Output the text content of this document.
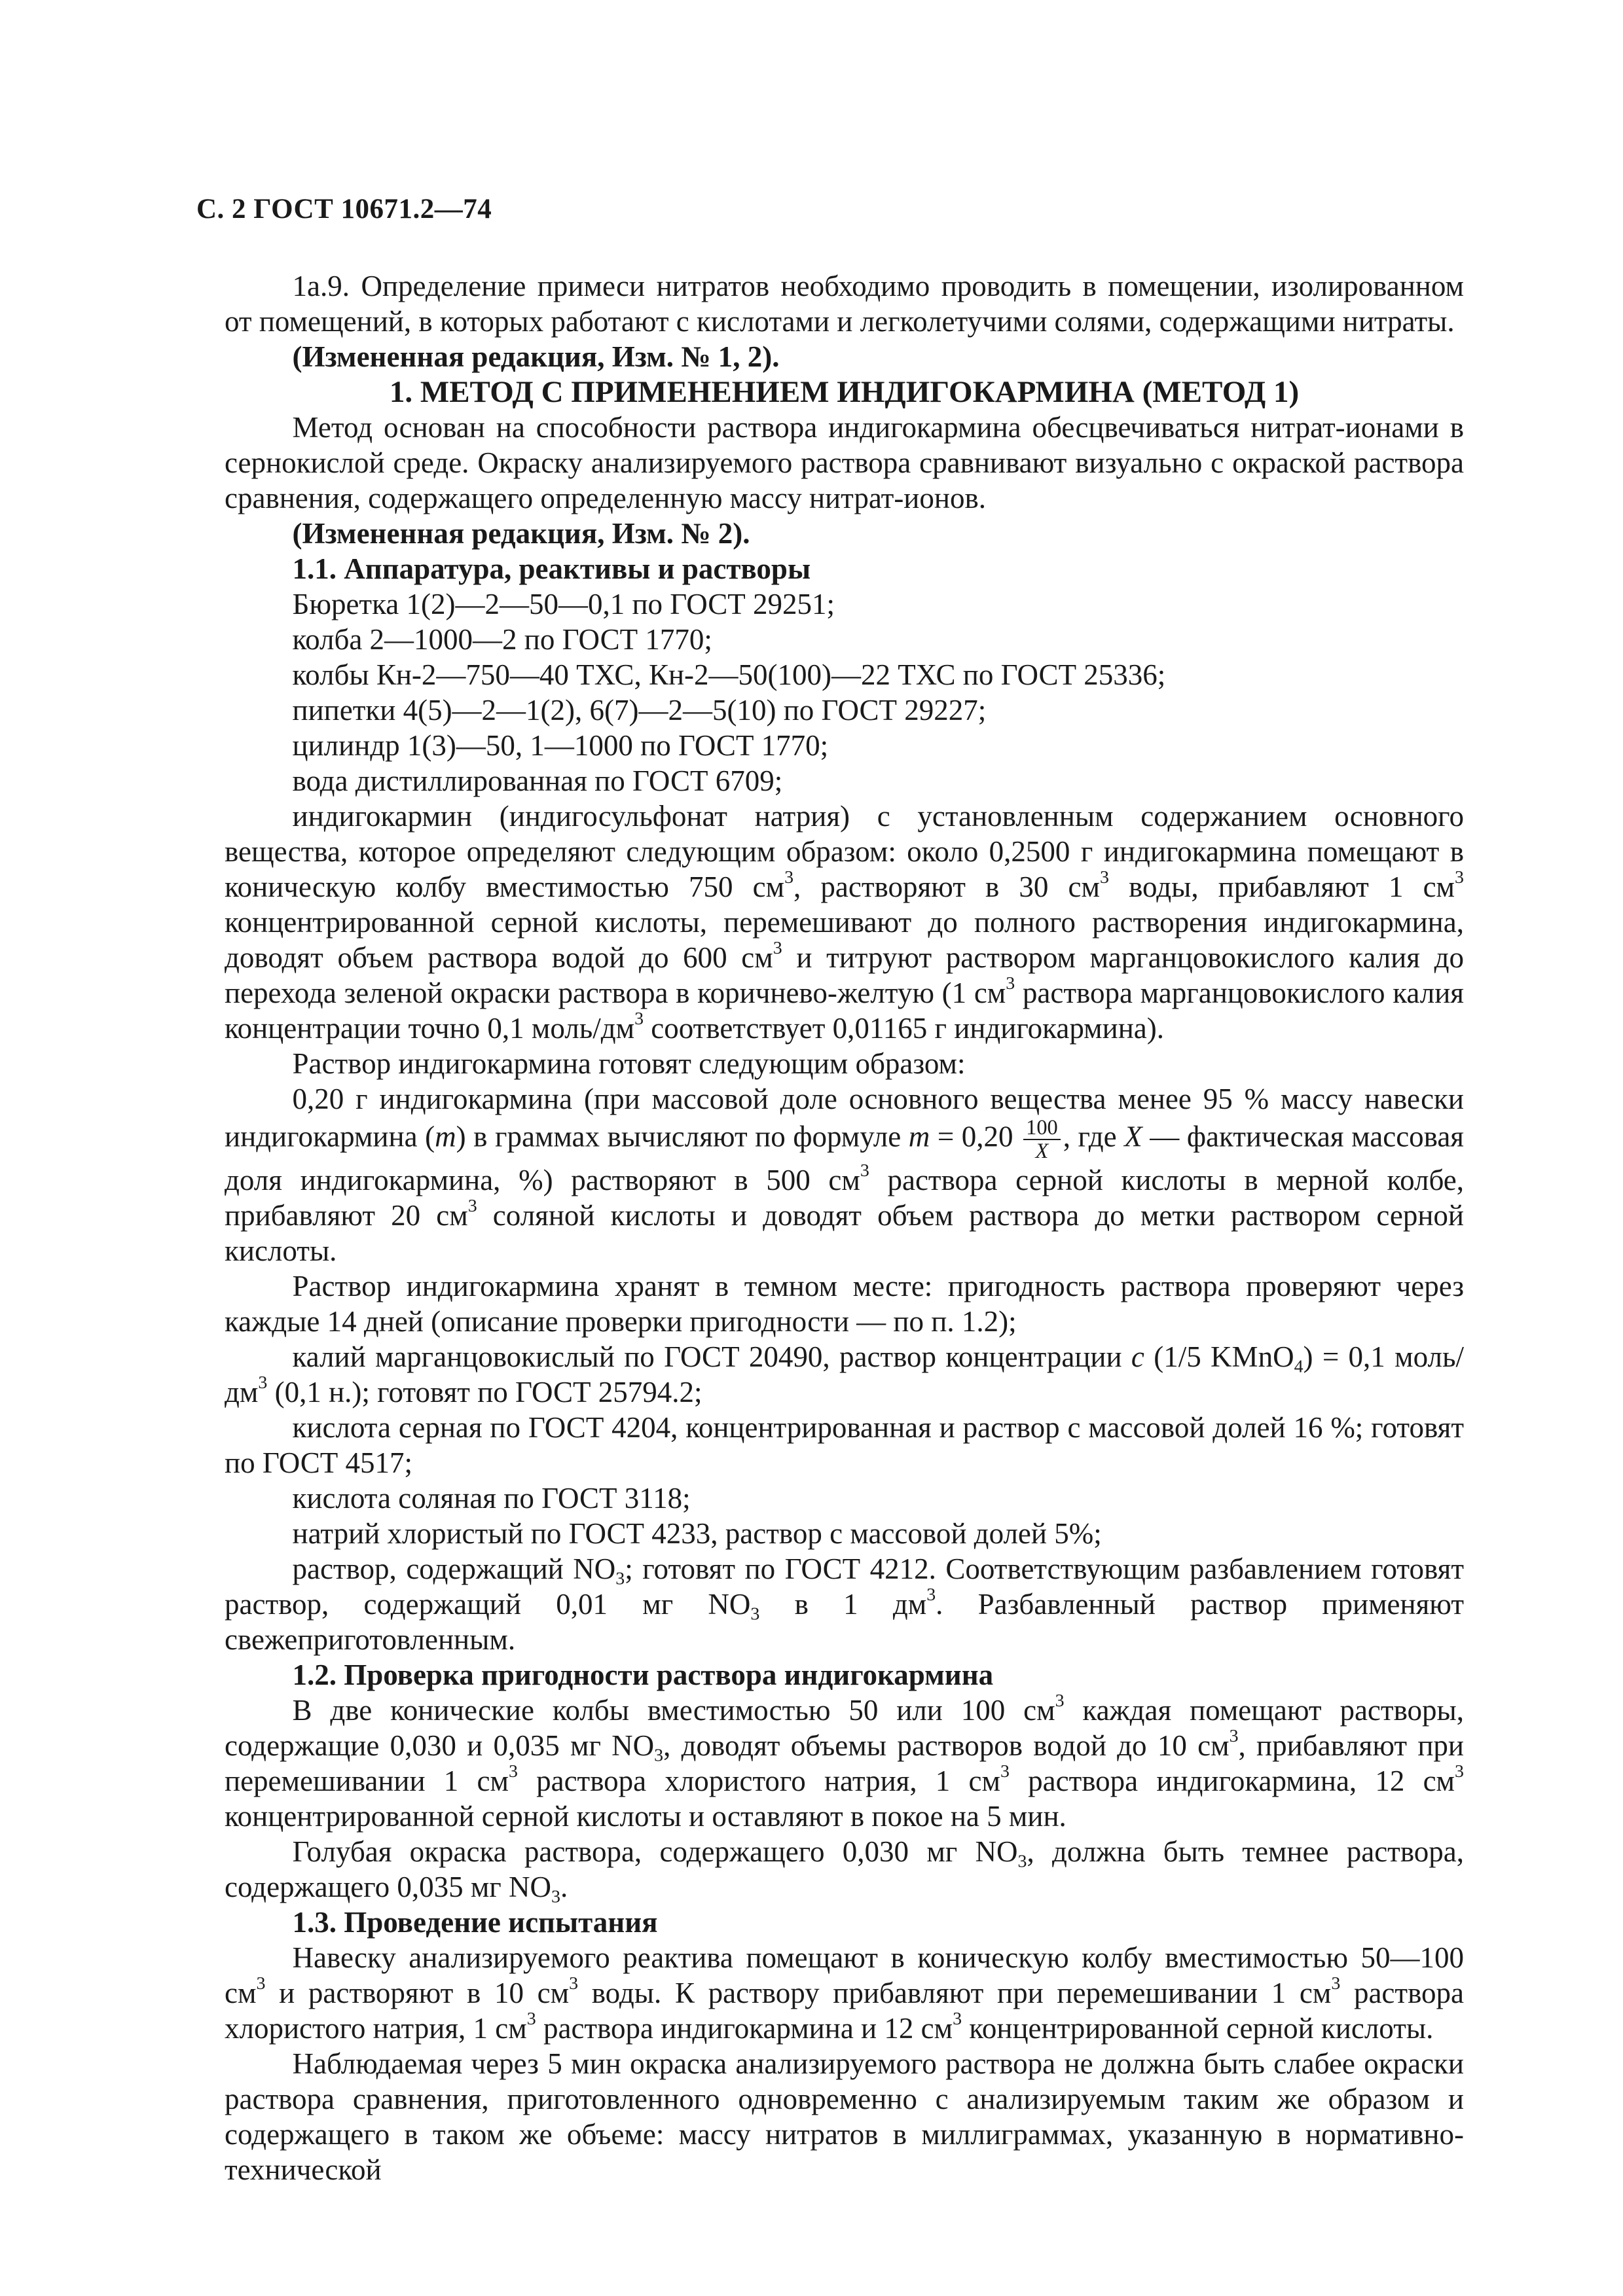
С. 2 ГОСТ 10671.2—74

1а.9. Определение примеси нитратов необходимо проводить в помещении, изолированном от помещений, в которых работают с кислотами и легколетучими солями, содержащими нитраты.

(Измененная редакция, Изм. № 1, 2).

1. МЕТОД С ПРИМЕНЕНИЕМ ИНДИГОКАРМИНА (МЕТОД 1)

Метод основан на способности раствора индигокармина обесцвечиваться нитрат-ионами в сернокислой среде. Окраску анализируемого раствора сравнивают визуально с окраской раствора сравнения, содержащего определенную массу нитрат-ионов.

(Измененная редакция, Изм. № 2).

1.1. Аппаратура, реактивы и растворы

Бюретка 1(2)—2—50—0,1 по ГОСТ 29251;

колба 2—1000—2 по ГОСТ 1770;

колбы Кн-2—750—40 ТХС, Кн-2—50(100)—22 ТХС по ГОСТ 25336;

пипетки 4(5)—2—1(2), 6(7)—2—5(10) по ГОСТ 29227;

цилиндр 1(3)—50, 1—1000 по ГОСТ 1770;

вода дистиллированная по ГОСТ 6709;

индигокармин (индигосульфонат натрия) с установленным содержанием основного вещества, которое определяют следующим образом: около 0,2500 г индигокармина помещают в коническую колбу вместимостью 750 $см^3$, растворяют в 30 $см^3$ воды, прибавляют 1 $см^3$ концентрированной серной кислоты, перемешивают до полного растворения индигокармина, доводят объем раствора водой до 600 $см^3$ и титруют раствором марганцовокислого калия до перехода зеленой окраски раствора в коричнево-желтую (1 $см^3$ раствора марганцовокислого калия концентрации точно 0,1 моль/$дм^3$ соответствует 0,01165 г индигокармина).

Раствор индигокармина готовят следующим образом:

0,20 г индигокармина (при массовой доле основного вещества менее 95 % массу навески индигокармина (m) в граммах вычисляют по формуле $m = 0,20 \frac{100}{X}$ , где X — фактическая массовая доля индигокармина, %) растворяют в 500 $см^3$ раствора серной кислоты в мерной колбе, прибавляют 20 $см^3$ соляной кислоты и доводят объем раствора до метки раствором серной кислоты.

Раствор индигокармина хранят в темном месте: пригодность раствора проверяют через каждые 14 дней (описание проверки пригодности — по п. 1.2);

калий марганцовокислый по ГОСТ 20490, раствор концентрации c (1/5 KMnO$_4$) = 0,1 моль/$дм^3$ (0,1 н.); готовят по ГОСТ 25794.2;

кислота серная по ГОСТ 4204, концентрированная и раствор с массовой долей 16 %; готовят по ГОСТ 4517;

кислота соляная по ГОСТ 3118;

натрий хлористый по ГОСТ 4233, раствор с массовой долей 5%;

раствор, содержащий $NO_3$; готовят по ГОСТ 4212. Соответствующим разбавлением готовят раствор, содержащий 0,01 мг $NO_3$ в 1 $дм^3$. Разбавленный раствор применяют свежеприготовленным.

1.2. Проверка пригодности раствора индигокармина

В две конические колбы вместимостью 50 или 100 $см^3$ каждая помещают растворы, содержащие 0,030 и 0,035 мг $NO_3$, доводят объемы растворов водой до 10 $см^3$, прибавляют при перемешивании 1 $см^3$ раствора хлористого натрия, 1 $см^3$ раствора индигокармина, 12 $см^3$ концентрированной серной кислоты и оставляют в покое на 5 мин.

Голубая окраска раствора, содержащего 0,030 мг $NO_3$, должна быть темнее раствора, содержащего 0,035 мг $NO_3$.

1.3. Проведение испытания

Навеску анализируемого реактива помещают в коническую колбу вместимостью 50—100 $см^3$ и растворяют в 10 $см^3$ воды. К раствору прибавляют при перемешивании 1 $см^3$ раствора хлористого натрия, 1 $см^3$ раствора индигокармина и 12 $см^3$ концентрированной серной кислоты.

Наблюдаемая через 5 мин окраска анализируемого раствора не должна быть слабее окраски раствора сравнения, приготовленного одновременно с анализируемым таким же образом и содержащего в таком же объеме: массу нитратов в миллиграммах, указанную в нормативно-технической
